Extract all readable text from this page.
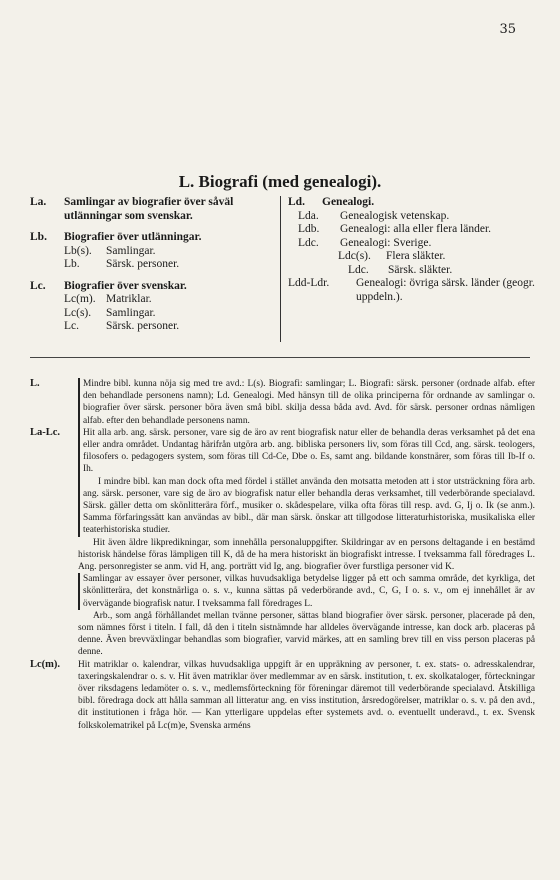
35
L. Biografi (med genealogi).
La.	Samlingar av biografier över såväl utlänningar som svenskar.
Lb.	Biografier över utlänningar.
Lb(s).	Samlingar.
Lb.	Särsk. personer.
Lc.	Biografier över svenskar.
Lc(m). Matriklar.
Lc(s).	Samlingar.
Lc.	Särsk. personer.
Ld.	Genealogi.
Lda.	Genealogisk vetenskap.
Ldb.	Genealogi: alla eller flera länder.
Ldc.	Genealogi: Sverige.
Ldc(s).	Flera släkter.
Ldc.	Särsk. släkter.
Ldd-Ldr.	Genealogi: övriga särsk. länder (geogr. uppdeln.).
L.	Mindre bibl. kunna nöja sig med tre avd.: L(s). Biografi: samlingar; L. Biografi: särsk. personer (ordnade alfab. efter den behandlade personens namn); Ld. Genealogi. Med hänsyn till de olika principerna för ordnande av samlingar o. biografier över särsk. personer böra även små bibl. skilja dessa båda avd. Avd. för särsk. personer ordnas nämligen alfab. efter den behandlade personens namn.
La-Lc.	Hit alla arb. ang. särsk. personer, vare sig de äro av rent biografisk natur eller de behandla deras verksamhet på det ena eller andra området. Undantag härifrån utgöra arb. ang. bibliska personers liv, som föras till Ccd, ang. särsk. teologers, filosofers o. pedagogers system, som föras till Cd-Ce, Dbe o. Es, samt ang. bildande konstnärer, som föras till Ib-If o. Ih.
I mindre bibl. kan man dock ofta med fördel i stället använda den motsatta metoden att i stor utsträckning föra arb. ang. särsk. personer, vare sig de äro av biografisk natur eller behandla deras verksamhet, till vederbörande specialavd. Särsk. gäller detta om skönlitterära förf., musiker o. skådespelare, vilka ofta föras till resp. avd. G, Ij o. Ik (se anm.). Samma förfaringssätt kan användas av bibl., där man särsk. önskar att tillgodose litteraturhistoriska, musikaliska eller teaterhistoriska studier.
Hit även äldre likpredikningar, som innehålla personaluppgifter. Skildringar av en persons deltagande i en bestämd historisk händelse föras lämpligen till K, då de ha mera historiskt än biografiskt intresse. I tveksamma fall föredrages L. Ang. personregister se anm. vid H, ang. porträtt vid Ig, ang. biografier över furstliga personer vid K.
Samlingar av essayer över personer, vilkas huvudsakliga betydelse ligger på ett och samma område, det kyrkliga, det skönlitterära, det konstnärliga o. s. v., kunna sättas på vederbörande avd., C, G, I o. s. v., om ej innehållet är av övervägande biografisk natur. I tveksamma fall föredrages L.
Arb., som angå förhållandet mellan tvänne personer, sättas bland biografier över särsk. personer, placerade på den, som nämnes först i titeln. I fall, då den i titeln sistnämnde har alldeles övervägande intresse, kan dock arb. placeras på denne. Även brevväxlingar behandlas som biografier, varvid märkes, att en samling brev till en viss person placeras på denne.
Lc(m).	Hit matriklar o. kalendrar, vilkas huvudsakliga uppgift är en uppräkning av personer, t. ex. stats- o. adresskalendrar, taxeringskalendrar o. s. v. Hit även matriklar över medlemmar av en särsk. institution, t. ex. skolkataloger, förteckningar över riksdagens ledamöter o. s. v., medlemsförteckning för föreningar däremot till vederbörande specialavd. Åtskilliga bibl. föredraga dock att hålla samman all litteratur ang. en viss institution, årsredogörelser, matriklar o. s. v. på den avd., dit institutionen i fråga hör. — Kan ytterligare uppdelas efter systemets avd. o. eventuellt underavd., t. ex. Svensk folkskolematrikel på Lc(m)e, Svenska arméns
